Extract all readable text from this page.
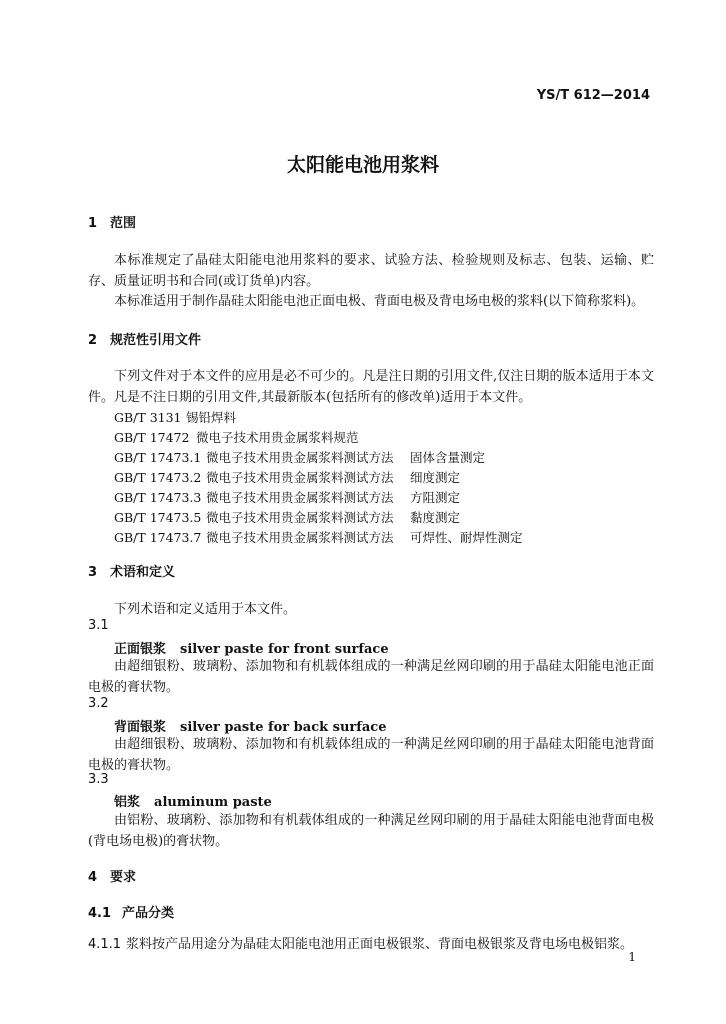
YS/T 612—2014
太阳能电池用浆料
1 范围
本标准规定了晶硅太阳能电池用浆料的要求、试验方法、检验规则及标志、包装、运输、贮存、质量证明书和合同(或订货单)内容。
本标准适用于制作晶硅太阳能电池正面电极、背面电极及背电场电极的浆料(以下简称浆料)。
2 规范性引用文件
下列文件对于本文件的应用是必不可少的。凡是注日期的引用文件,仅注日期的版本适用于本文件。凡是不注日期的引用文件,其最新版本(包括所有的修改单)适用于本文件。
GB/T 3131 锡铅焊料
GB/T 17472 微电子技术用贵金属浆料规范
GB/T 17473.1 微电子技术用贵金属浆料测试方法 固体含量测定
GB/T 17473.2 微电子技术用贵金属浆料测试方法 细度测定
GB/T 17473.3 微电子技术用贵金属浆料测试方法 方阻测定
GB/T 17473.5 微电子技术用贵金属浆料测试方法 黏度测定
GB/T 17473.7 微电子技术用贵金属浆料测试方法 可焊性、耐焊性测定
3 术语和定义
下列术语和定义适用于本文件。
3.1
正面银浆 silver paste for front surface
由超细银粉、玻璃粉、添加物和有机载体组成的一种满足丝网印刷的用于晶硅太阳能电池正面电极的膏状物。
3.2
背面银浆 silver paste for back surface
由超细银粉、玻璃粉、添加物和有机载体组成的一种满足丝网印刷的用于晶硅太阳能电池背面电极的膏状物。
3.3
铝浆 aluminum paste
由铝粉、玻璃粉、添加物和有机载体组成的一种满足丝网印刷的用于晶硅太阳能电池背面电极(背电场电极)的膏状物。
4 要求
4.1 产品分类
4.1.1 浆料按产品用途分为晶硅太阳能电池用正面电极银浆、背面电极银浆及背电场电极铝浆。
1
